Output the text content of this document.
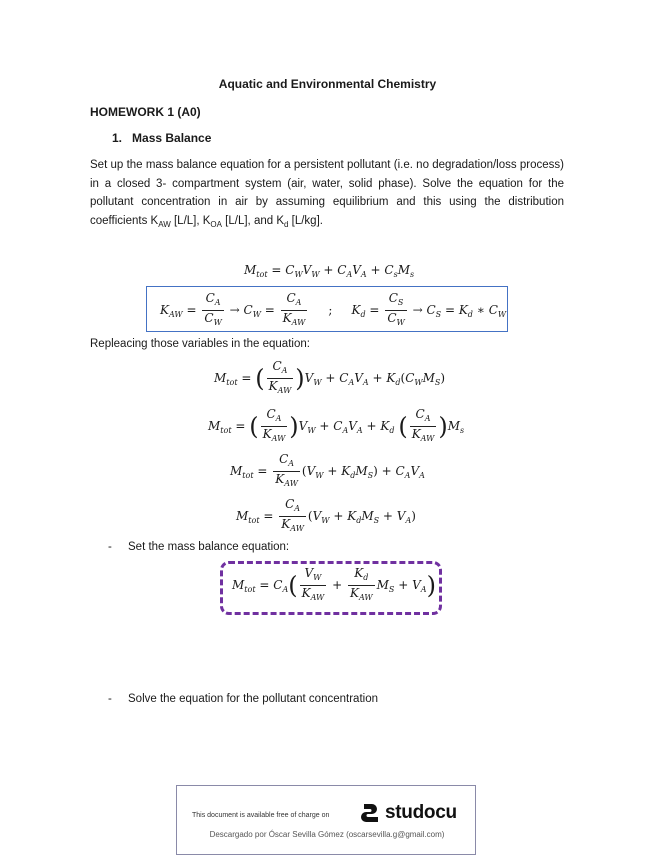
Aquatic and Environmental Chemistry
HOMEWORK 1 (A0)
1. Mass Balance
Set up the mass balance equation for a persistent pollutant (i.e. no degradation/loss process) in a closed 3- compartment system (air, water, solid phase). Solve the equation for the pollutant concentration in air by assuming equilibrium and this using the distribution coefficients $K_{AW}$ [L/L], $K_{OA}$ [L/L], and $K_d$ [L/kg].
$M_{tot} = C_WV_W + C_AV_A + C_sM_s$
$K_{AW} = \frac{C_A}{C_W} \to C_W = \frac{C_A}{K_{AW}}$ ;     $K_d = \frac{C_S}{C_W} \to C_S = K_d$ ∗ $C_W$
Repleacing those variables in the equation:
$M_{tot}$ = ( $\frac{C_A}{K_{AW}} )V_W + C_AV_A + K_d(C_WM_S)$
$M_{tot}$ = ( $\frac{C_A}{K_{AW}} )V_W + C_AV_A + K_d$ ( $\frac{C_A}{K_{AW}} )M_s$
$M_{tot} = \frac{C_A}{K_{AW}} (V_W + K_dM_S) + C_AV_A$
$M_{tot} = \frac{C_A}{K_{AW}} (V_W + K_dM_S + V_A)$
- Set the mass balance equation:
$M_{tot} = C_A( \frac{V_W}{K_{AW}} + \frac{K_d}{K_{AW}} M_S + V_A)$
- Solve the equation for the pollutant concentration
This document is available free of charge on	studocu
Descargado por Óscar Sevilla Gómez (oscarsevilla.g@gmail.com)
